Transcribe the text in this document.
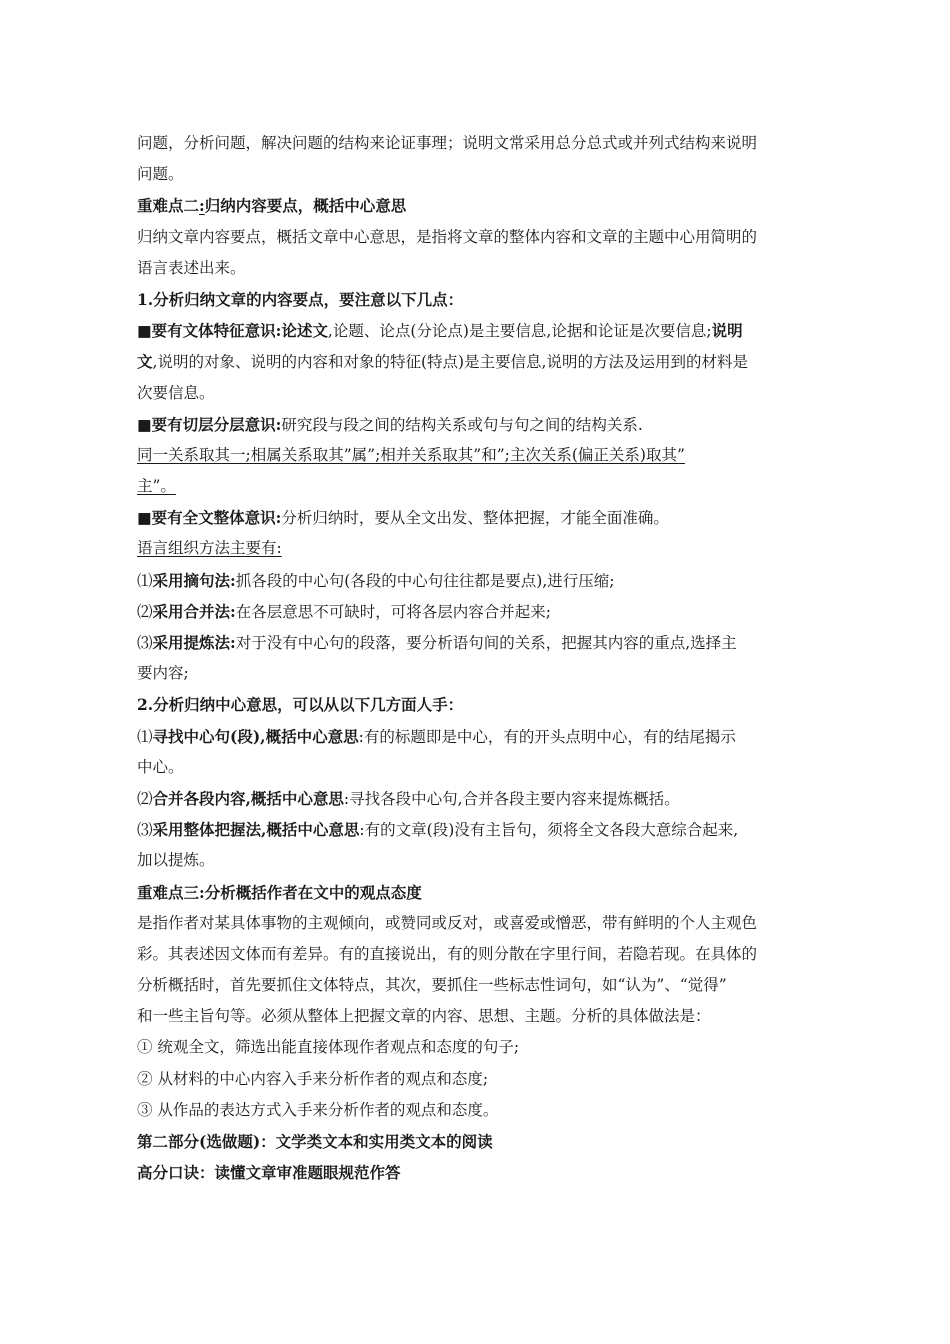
问题，分析问题，解决问题的结构来论证事理；说明文常采用总分总式或并列式结构来说明
问题。
重难点二:归纳内容要点，概括中心意思
归纳文章内容要点，概括文章中心意思，是指将文章的整体内容和文章的主题中心用简明的
语言表述出来。
1.分析归纳文章的内容要点，要注意以下几点：
■要有文体特征意识:论述文,论题、论点(分论点)是主要信息,论据和论证是次要信息;说明
文,说明的对象、说明的内容和对象的特征(特点)是主要信息,说明的方法及运用到的材料是
次要信息。
■要有切层分层意识:研究段与段之间的结构关系或句与句之间的结构关系.
同一关系取其一;相属关系取其”属”;相并关系取其”和”;主次关系(偏正关系)取其”
主”。
■要有全文整体意识:分析归纳时，要从全文出发、整体把握，才能全面准确。
语言组织方法主要有:
⑴采用摘句法:抓各段的中心句(各段的中心句往往都是要点),进行压缩;
⑵采用合并法:在各层意思不可缺时，可将各层内容合并起来;
⑶采用提炼法:对于没有中心句的段落，要分析语句间的关系，把握其内容的重点,选择主
要内容;
2.分析归纳中心意思，可以从以下几方面人手：
⑴寻找中心句(段),概括中心意思:有的标题即是中心，有的开头点明中心，有的结尾揭示
中心。
⑵合并各段内容,概括中心意思:寻找各段中心句,合并各段主要内容来提炼概括。
⑶采用整体把握法,概括中心意思:有的文章(段)没有主旨句，须将全文各段大意综合起来,
加以提炼。
重难点三:分析概括作者在文中的观点态度
是指作者对某具体事物的主观倾向，或赞同或反对，或喜爱或憎恶，带有鲜明的个人主观色
彩。其表述因文体而有差异。有的直接说出，有的则分散在字里行间，若隐若现。在具体的
分析概括时，首先要抓住文体特点，其次，要抓住一些标志性词句，如“认为”、“觉得”
和一些主旨句等。必须从整体上把握文章的内容、思想、主题。分析的具体做法是：
① 统观全文，筛选出能直接体现作者观点和态度的句子;
② 从材料的中心内容入手来分析作者的观点和态度;
③ 从作品的表达方式入手来分析作者的观点和态度。
第二部分(选做题)：文学类文本和实用类文本的阅读
高分口诀：读懂文章审准题眼规范作答
